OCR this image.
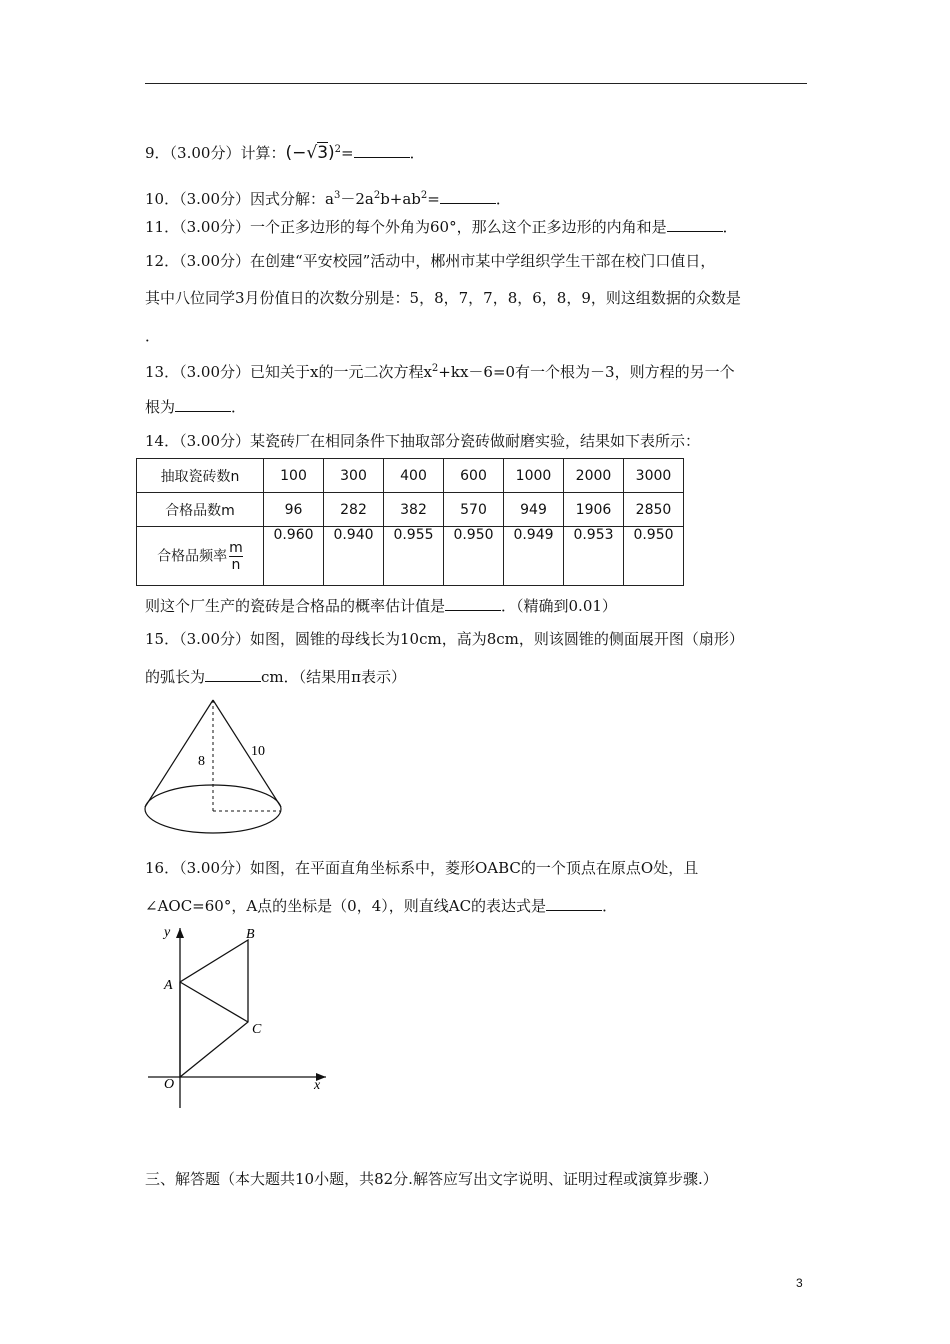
9．（3.00分）计算：$(-√3)^2=$	．
10．（3.00分）因式分解：$a^3-2a^2b+ab^2=$	．
11．（3.00分）一个正多边形的每个外角为60°，那么这个正多边形的内角和是	．
12．（3.00分）在创建“平安校园”活动中，郴州市某中学组织学生干部在校门口值日，
其中八位同学3月份值日的次数分别是：5，8，7，7，8，6，8，9，则这组数据的众数是
．
13．（3.00分）已知关于x的一元二次方程$x^2+kx-6=0$有一个根为－3，则方程的另一个
根为	．
14．（3.00分）某瓷砖厂在相同条件下抽取部分瓷砖做耐磨实验，结果如下表所示：
抽取瓷砖数n	100	300	400	600	1000	2000	3000
合格品数m	96	282	382	570	949	1906	2850
合格品频率 $\frac{m}{n}$	0.960	0.940	0.955	0.950	0.949	0.953	0.950
则这个厂生产的瓷砖是合格品的概率估计值是	．（精确到0.01）
15．（3.00分）如图，圆锥的母线长为10cm，高为8cm，则该圆锥的侧面展开图（扇形）
的弧长为	cm．（结果用π表示）
8
10
16．（3.00分）如图，在平面直角坐标系中，菱形OABC的一个顶点在原点O处，且
∠AOC=60°，A点的坐标是（0，4），则直线AC的表达式是	．
y
x
O
A
B
C
三、解答题（本大题共10小题，共82分.解答应写出文字说明、证明过程或演算步骤.）
3
